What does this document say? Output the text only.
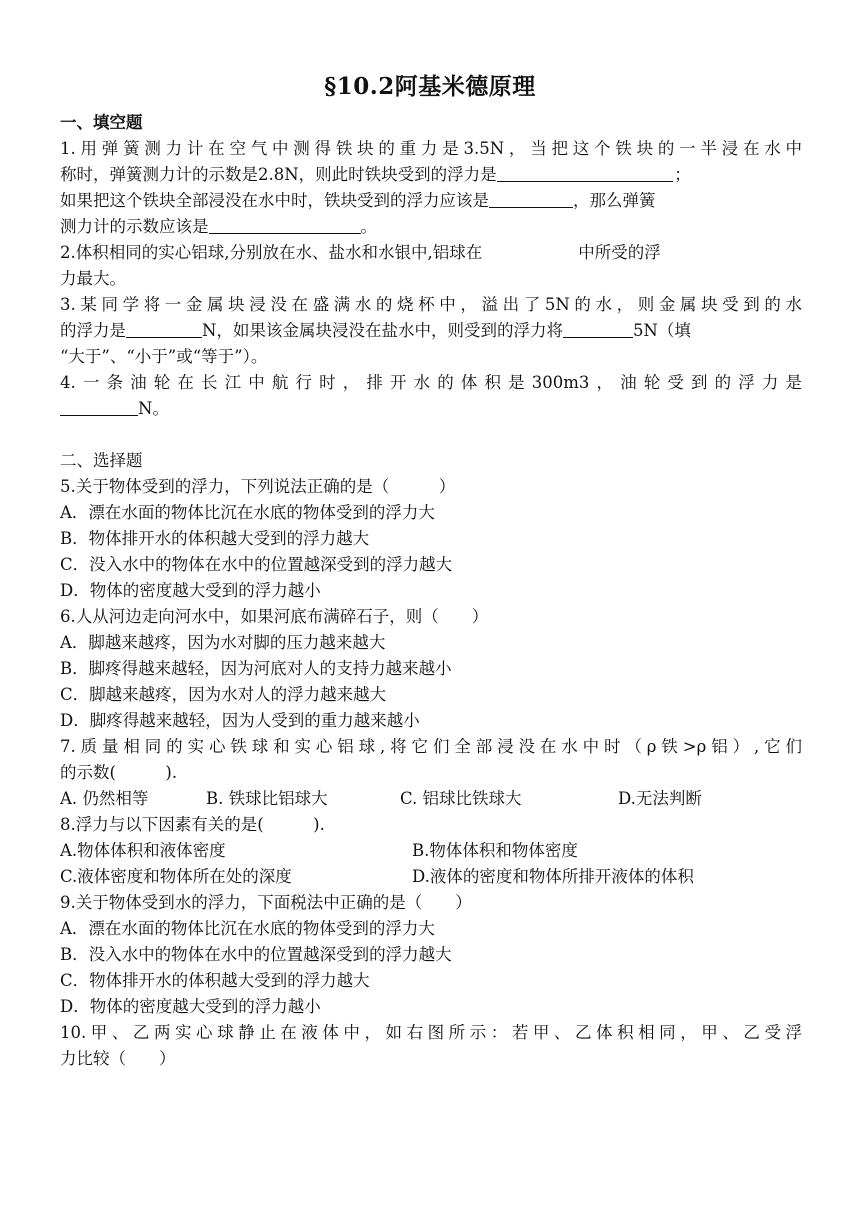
§10.2阿基米德原理
一、填空题
1.用弹簧测力计在空气中测得铁块的重力是3.5N，当把这个铁块的一半浸在水中
称时，弹簧测力计的示数是2.8N，则此时铁块受到的浮力是	；
如果把这个铁块全部浸没在水中时，铁块受到的浮力应该是	，那么弹簧
测力计的示数应该是	。
2.体积相同的实心铝球,分别放在水、盐水和水银中,铝球在	中所受的浮
力最大。
3.某同学将一金属块浸没在盛满水的烧杯中，溢出了5N的水，则金属块受到的水
的浮力是	N，如果该金属块浸没在盐水中，则受到的浮力将	5N（填
“大于”、“小于”或“等于”）。
4.一条油轮在长江中航行时，排开水的体积是300m3，油轮受到的浮力是
N。
二、选择题
5.关于物体受到的浮力，下列说法正确的是（　　　）
A．漂在水面的物体比沉在水底的物体受到的浮力大
B．物体排开水的体积越大受到的浮力越大
C．没入水中的物体在水中的位置越深受到的浮力越大
D．物体的密度越大受到的浮力越小
6.人从河边走向河水中，如果河底布满碎石子，则（　　）
A．脚越来越疼，因为水对脚的压力越来越大
B．脚疼得越来越轻，因为河底对人的支持力越来越小
C．脚越来越疼，因为水对人的浮力越来越大
D．脚疼得越来越轻，因为人受到的重力越来越小
7.质量相同的实心铁球和实心铝球,将它们全部浸没在水中时（ρ铁>ρ铝）,它们
的示数(　　　).
A. 仍然相等	B. 铁球比铝球大	C. 铝球比铁球大	D.无法判断
8.浮力与以下因素有关的是(　　　).
A.物体体积和液体密度	B.物体体积和物体密度
C.液体密度和物体所在处的深度	D.液体的密度和物体所排开液体的体积
9.关于物体受到水的浮力，下面税法中正确的是（　　）
A．漂在水面的物体比沉在水底的物体受到的浮力大
B．没入水中的物体在水中的位置越深受到的浮力越大
C．物体排开水的体积越大受到的浮力越大
D．物体的密度越大受到的浮力越小
10.甲、乙两实心球静止在液体中，如右图所示：若甲、乙体积相同，甲、乙受浮
力比较（　　）
